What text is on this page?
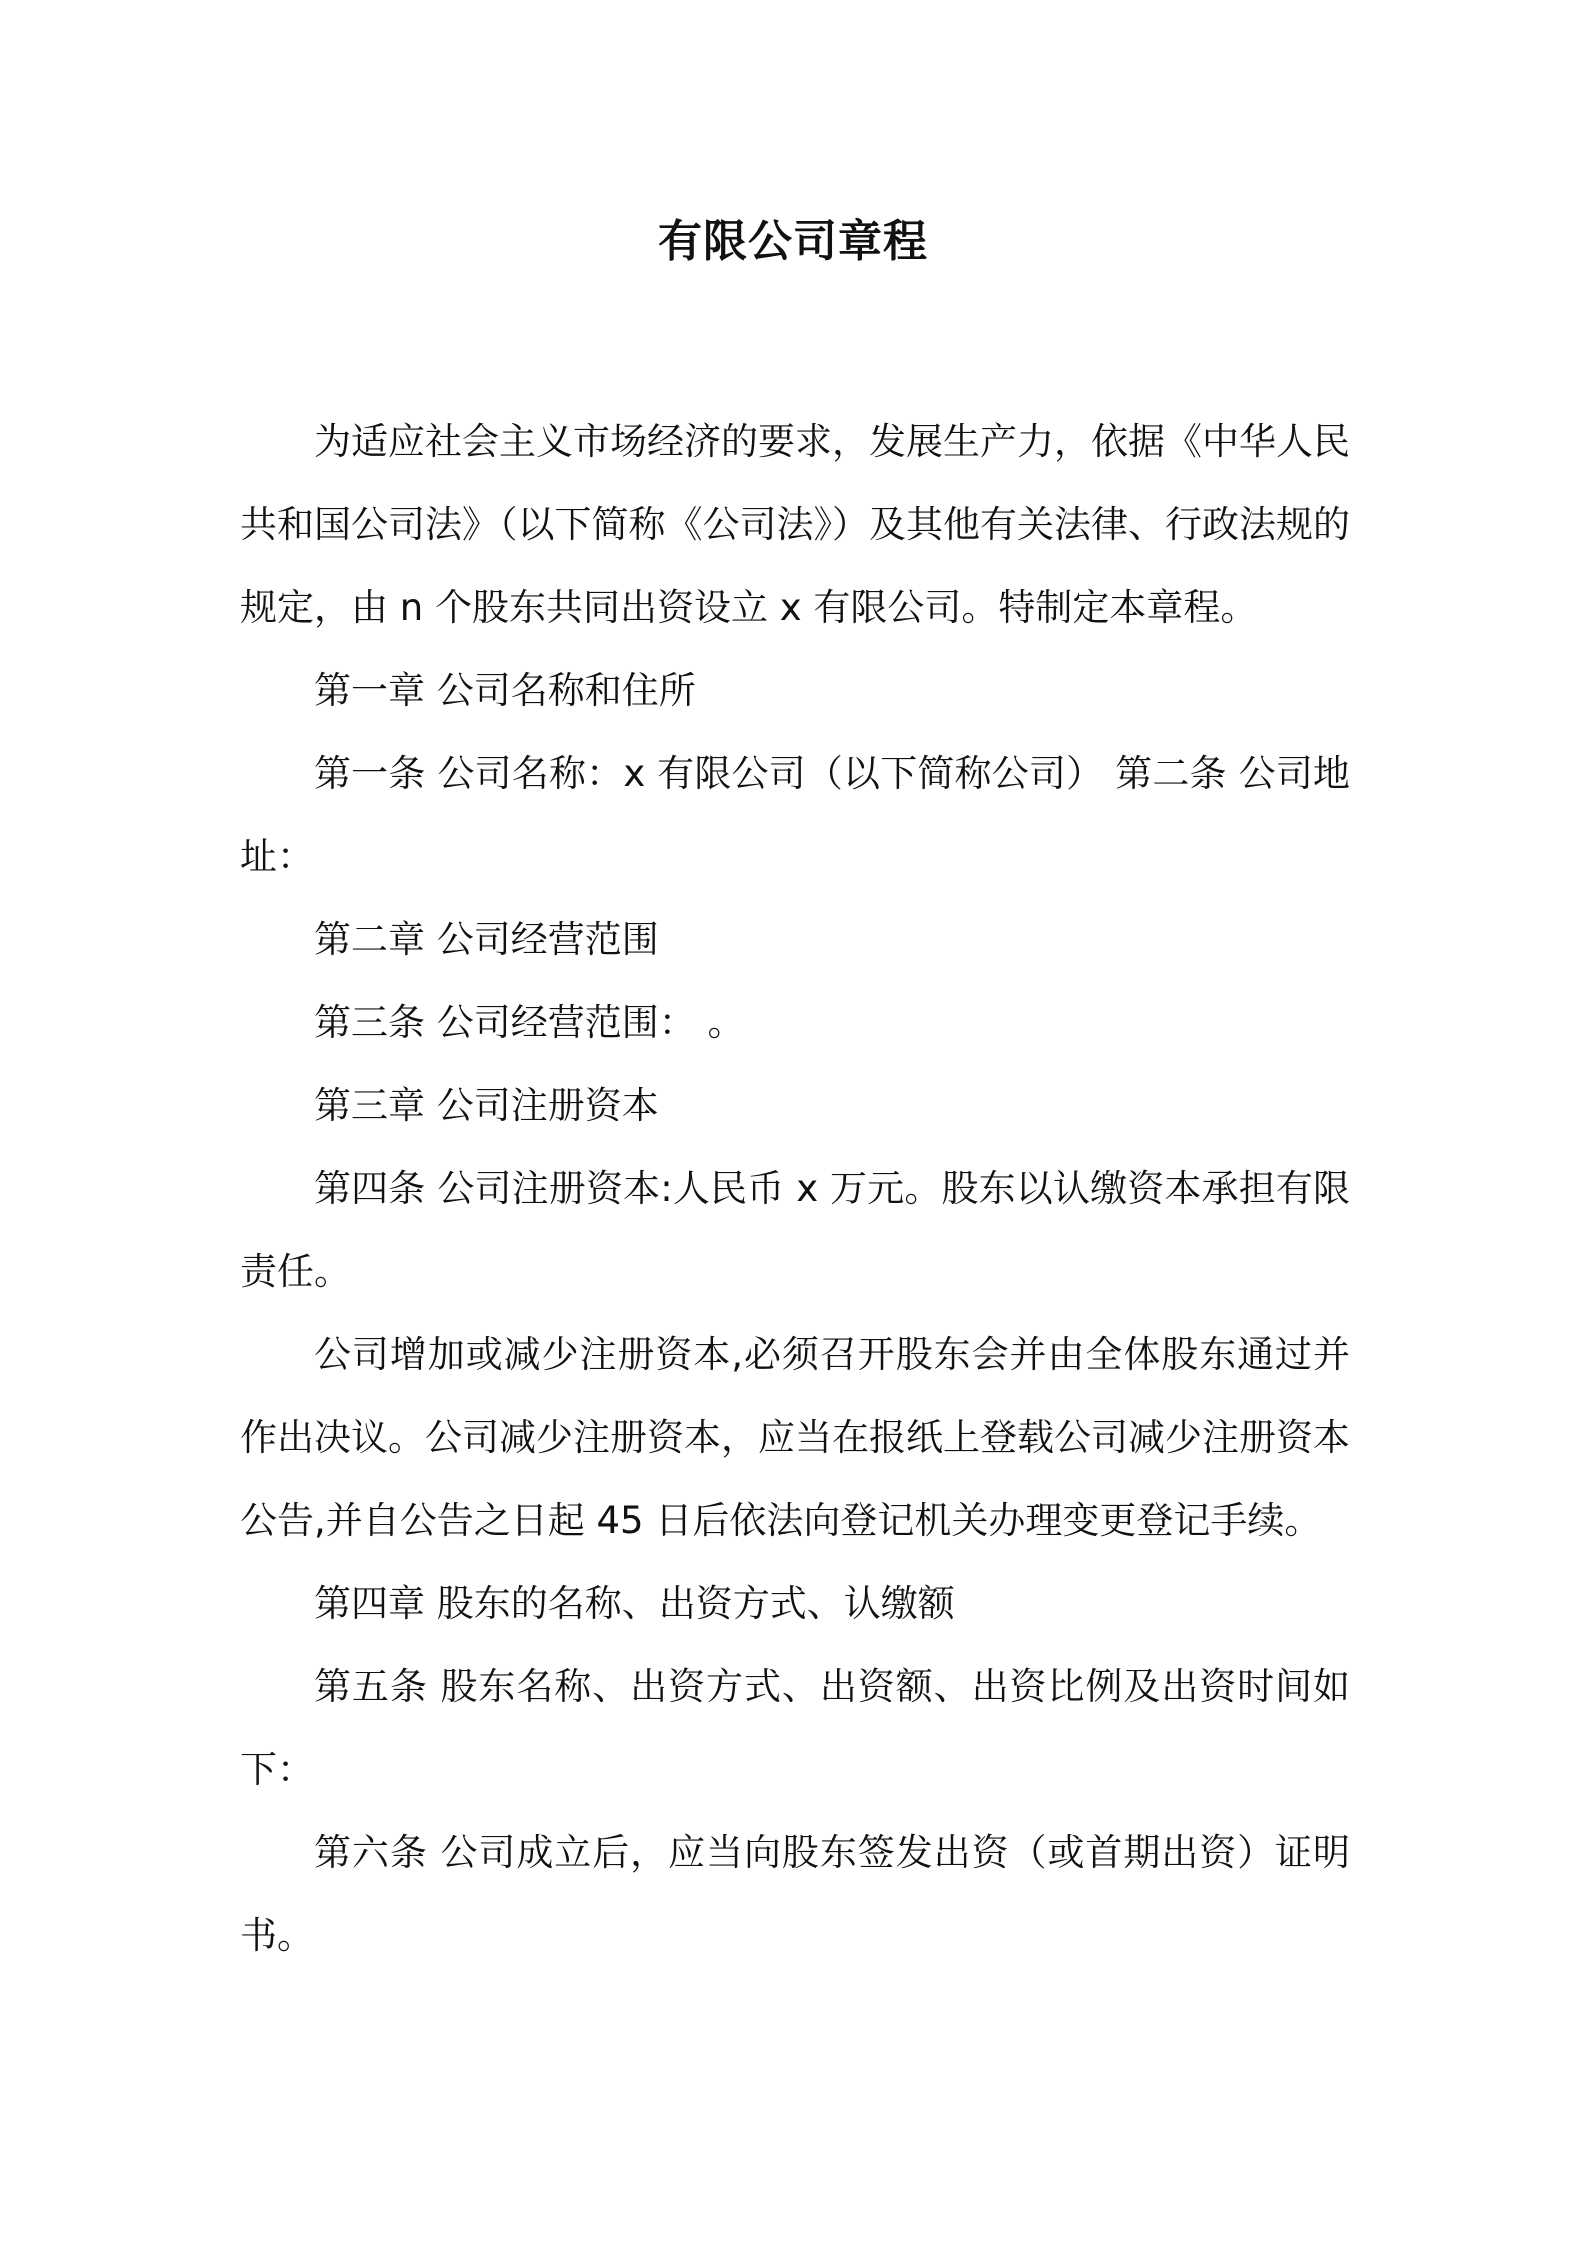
有限公司章程

为适应社会主义市场经济的要求，发展生产力，依据《中华人民共和国公司法》（以下简称《公司法》）及其他有关法律、行政法规的规定，由 n 个股东共同出资设立 x 有限公司。特制定本章程。

第一章 公司名称和住所

第一条 公司名称：x 有限公司（以下简称公司） 第二条 公司地址：

第二章 公司经营范围

第三条 公司经营范围： 。

第三章 公司注册资本

第四条 公司注册资本:人民币 x 万元。股东以认缴资本承担有限责任。

公司增加或减少注册资本,必须召开股东会并由全体股东通过并作出决议。公司减少注册资本，应当在报纸上登载公司减少注册资本公告,并自公告之日起 45 日后依法向登记机关办理变更登记手续。

第四章 股东的名称、出资方式、认缴额

第五条 股东名称、出资方式、出资额、出资比例及出资时间如下：

第六条 公司成立后，应当向股东签发出资（或首期出资）证明书。
